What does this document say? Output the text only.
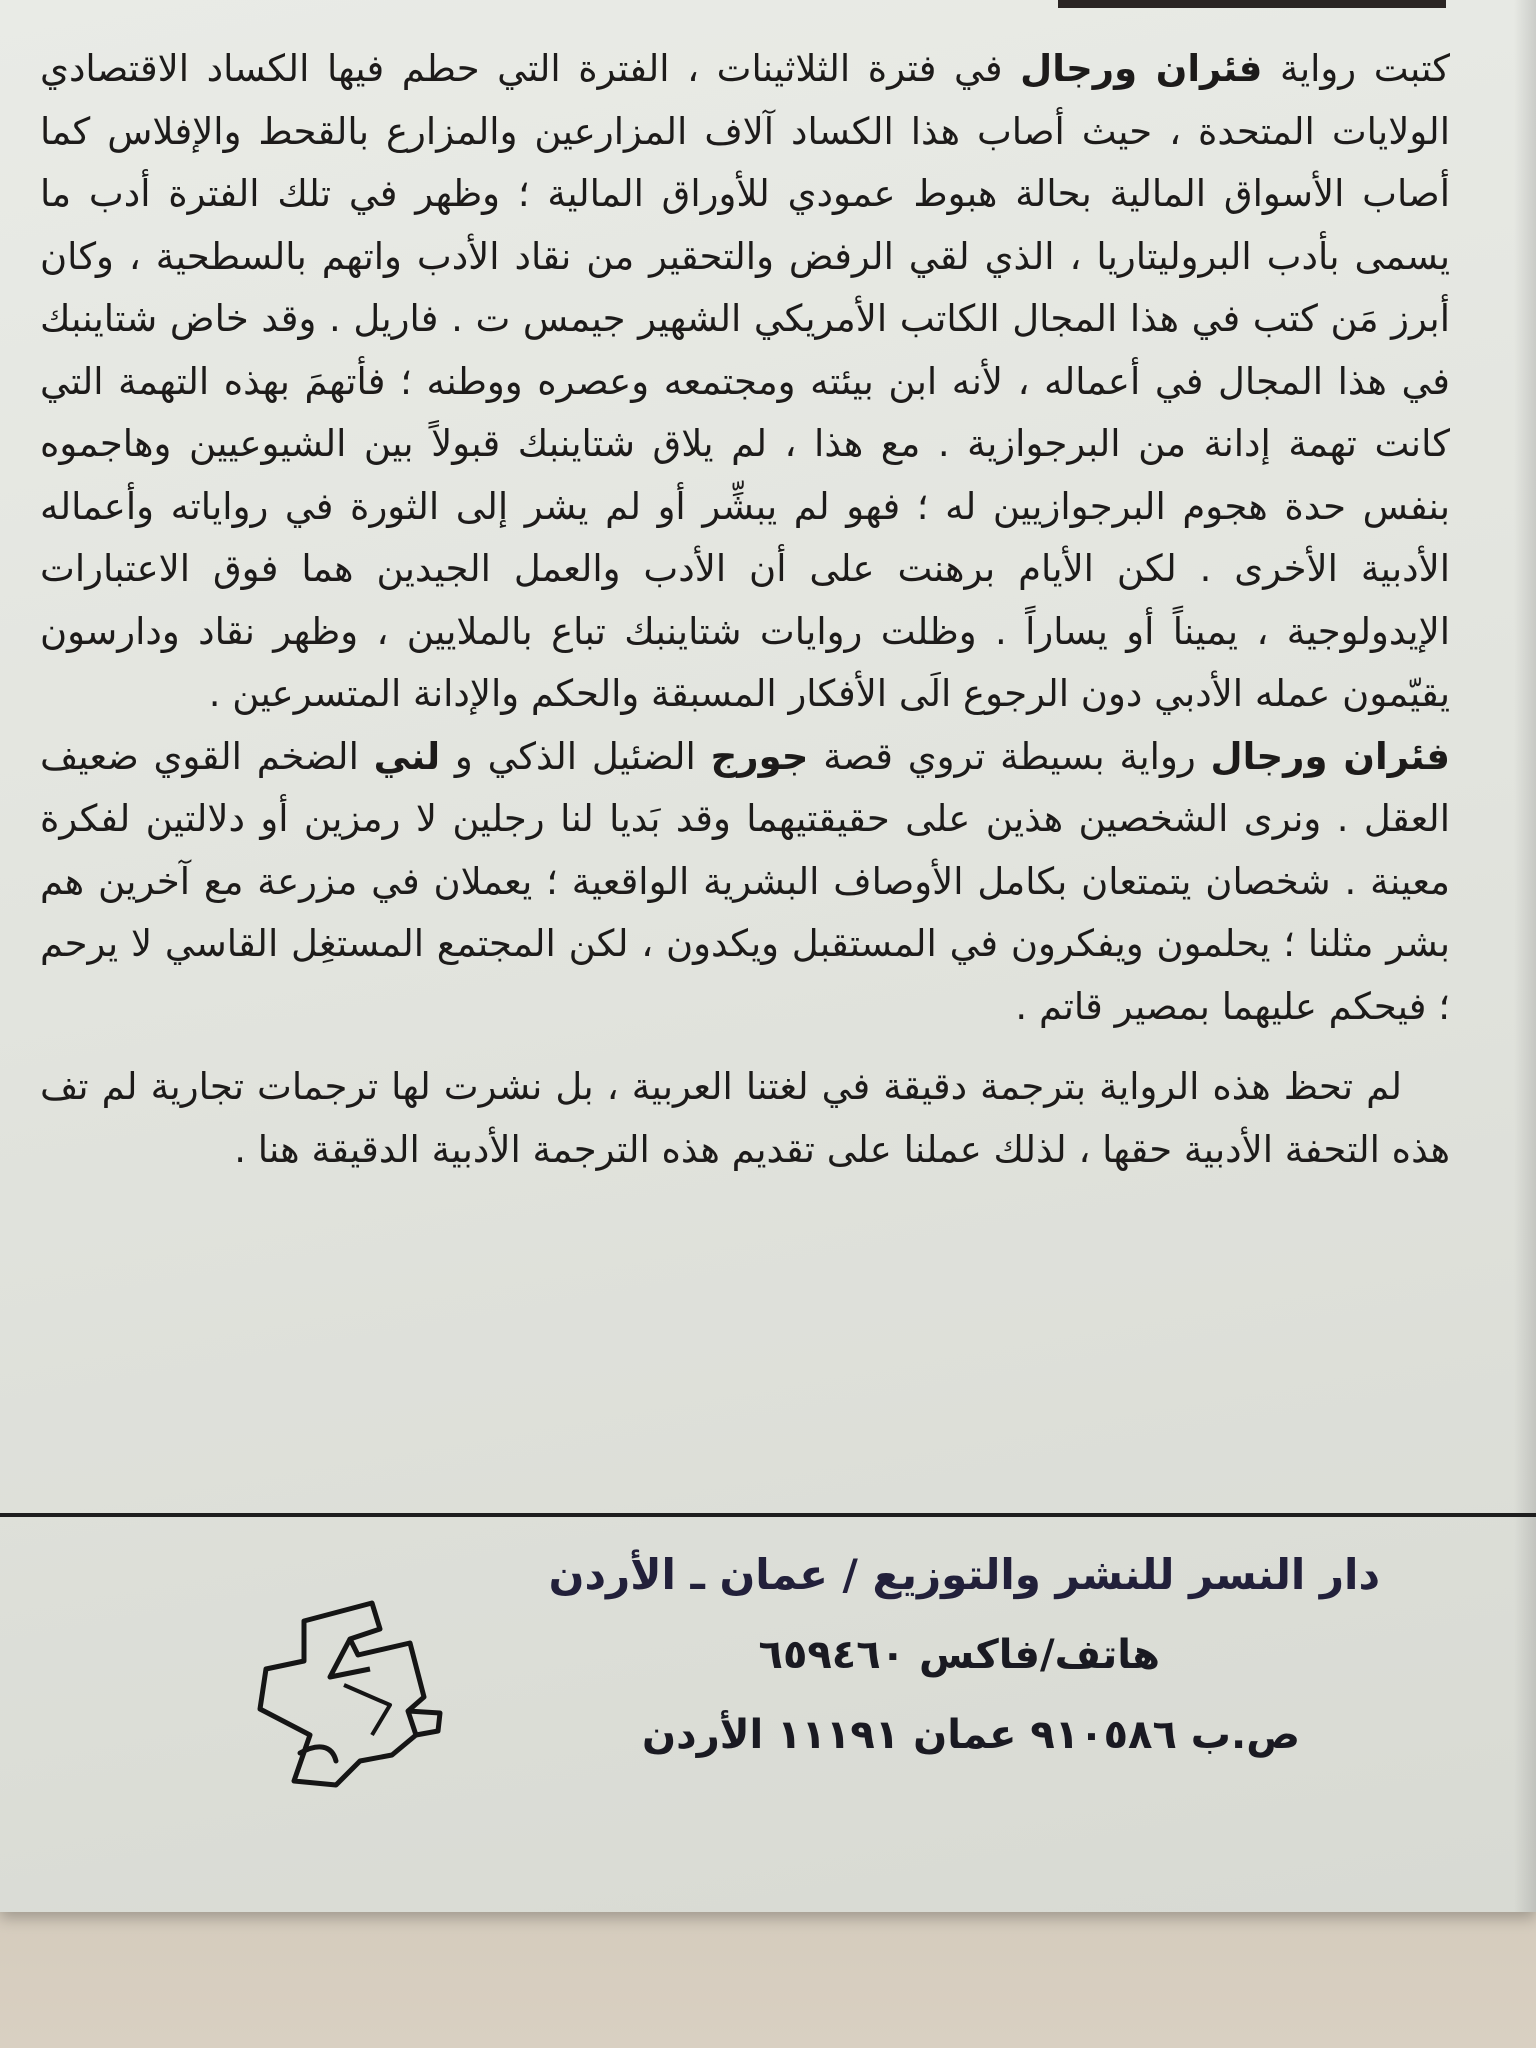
كتبت رواية فئران ورجال في فترة الثلاثينات ، الفترة التي حطم فيها الكساد الاقتصادي الولايات المتحدة ، حيث أصاب هذا الكساد آلاف المزارعين والمزارع بالقحط والإفلاس كما أصاب الأسواق المالية بحالة هبوط عمودي للأوراق المالية ؛ وظهر في تلك الفترة أدب ما يسمى بأدب البروليتاريا ، الذي لقي الرفض والتحقير من نقاد الأدب واتهم بالسطحية ، وكان أبرز مَن كتب في هذا المجال الكاتب الأمريكي الشهير جيمس ت . فاريل . وقد خاض شتاينبك في هذا المجال في أعماله ، لأنه ابن بيئته ومجتمعه وعصره ووطنه ؛ فأتهمَ بهذه التهمة التي كانت تهمة إدانة من البرجوازية . مع هذا ، لم يلاق شتاينبك قبولاً بين الشيوعيين وهاجموه بنفس حدة هجوم البرجوازيين له ؛ فهو لم يبشِّر أو لم يشر إلى الثورة في رواياته وأعماله الأدبية الأخرى . لكن الأيام برهنت على أن الأدب والعمل الجيدين هما فوق الاعتبارات الإيدولوجية ، يميناً أو يساراً . وظلت روايات شتاينبك تباع بالملايين ، وظهر نقاد ودارسون يقيّمون عمله الأدبي دون الرجوع الَى الأفكار المسبقة والحكم والإدانة المتسرعين .

فئران ورجال رواية بسيطة تروي قصة جورج الضئيل الذكي و لني الضخم القوي ضعيف العقل . ونرى الشخصين هذين على حقيقتيهما وقد بَديا لنا رجلين لا رمزين أو دلالتين لفكرة معينة . شخصان يتمتعان بكامل الأوصاف البشرية الواقعية ؛ يعملان في مزرعة مع آخرين هم بشر مثلنا ؛ يحلمون ويفكرون في المستقبل ويكدون ، لكن المجتمع المستغِل القاسي لا يرحم ؛ فيحكم عليهما بمصير قاتم .

لم تحظ هذه الرواية بترجمة دقيقة في لغتنا العربية ، بل نشرت لها ترجمات تجارية لم تف هذه التحفة الأدبية حقها ، لذلك عملنا على تقديم هذه الترجمة الأدبية الدقيقة هنا .

دار النسر للنشر والتوزيع / عمان ـ الأردن
هاتف/فاكس ٦٥٩٤٦٠
ص.ب ٩١٠٥٨٦ عمان ١١١٩١ الأردن
